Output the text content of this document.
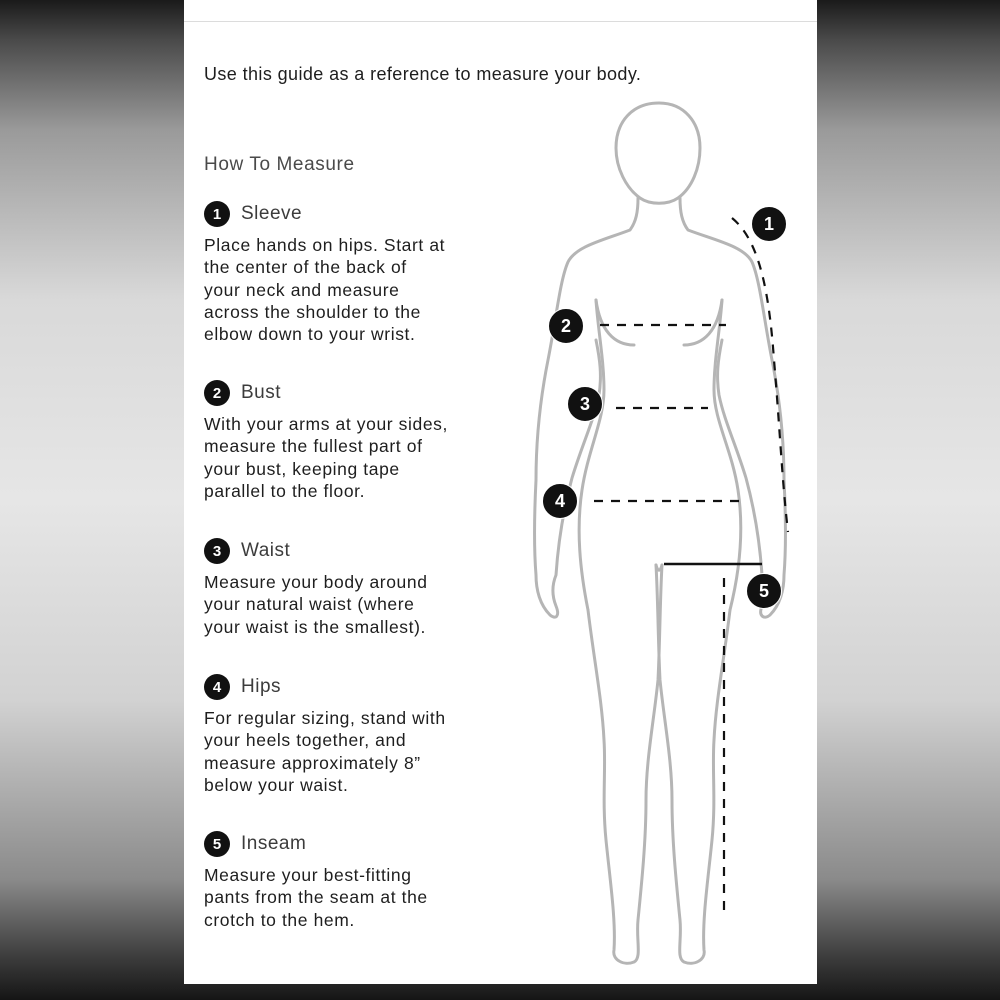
Use this guide as a reference to measure your body.
How To Measure
1	Sleeve
Place hands on hips. Start at
the center of the back of
your neck and measure
across the shoulder to the
elbow down to your wrist.
2	Bust
With your arms at your sides,
measure the fullest part of
your bust, keeping tape
parallel to the floor.
3	Waist
Measure your body around
your natural waist (where
your waist is the smallest).
4	Hips
For regular sizing, stand with
your heels together, and
measure approximately 8”
below your waist.
5	Inseam
Measure your best-fitting
pants from the seam at the
crotch to the hem.
1
2
3
4
5
